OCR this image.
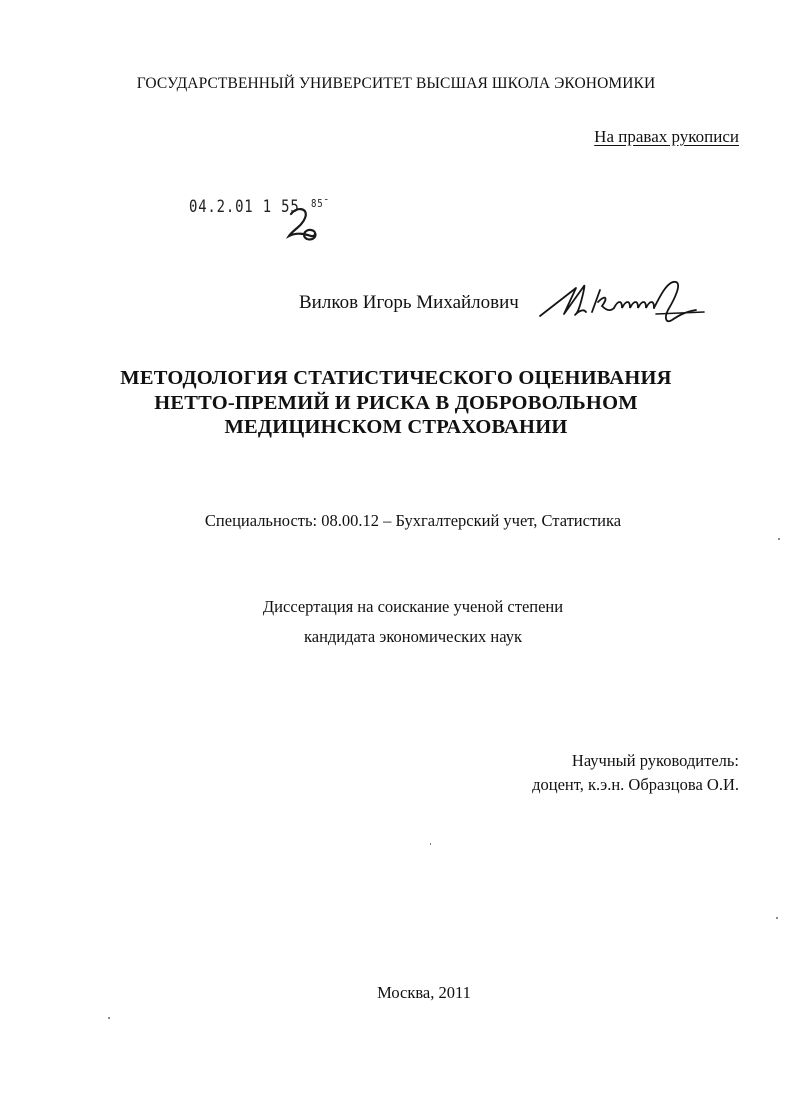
ГОСУДАРСТВЕННЫЙ УНИВЕРСИТЕТ ВЫСШАЯ ШКОЛА ЭКОНОМИКИ
На правах рукописи
04.2.01 1 55 $^{85​¯}$
Вилков Игорь Михайлович
МЕТОДОЛОГИЯ СТАТИСТИЧЕСКОГО ОЦЕНИВАНИЯ
НЕТТО-ПРЕМИЙ И РИСКА В ДОБРОВОЛЬНОМ
МЕДИЦИНСКОМ СТРАХОВАНИИ
Специальность: 08.00.12 – Бухгалтерский учет, Статистика
Диссертация на соискание ученой степени
кандидата экономических наук
Научный руководитель:
доцент, к.э.н. Образцова О.И.
Москва, 2011
